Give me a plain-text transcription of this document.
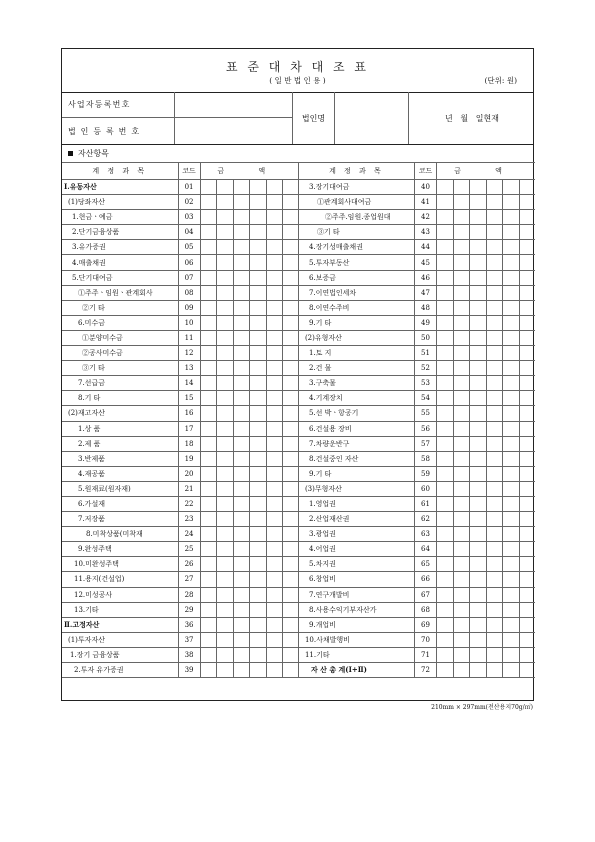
표 준 대 차 대 조 표
( 일 반 법 인 용 )	(단위: 원)
사업자등록번호
법 인 등 록 번 호
법인명	년   월   일현재
자산항목
계 정 과 목	코드	금 액						계 정 과 목	코드	금 액					
Ⅰ.유동자산	01							3.장기대여금	40						
(1)당좌자산	02							①관계회사대여금	41						
1.현금ㆍ예금	03							②주주.임원.종업원대	42						
2.단기금융상품	04							③기 타	43						
3.유가증권	05							4.장기성매출채권	44						
4.매출채권	06							5.투자부동산	45						
5.단기대여금	07							6.보증금	46						
①주주ㆍ임원ㆍ관계회사	08							7.이연법인세차	47						
②기 타	09							8.이연수주비	48						
6.미수금	10							9.기 타	49						
①분양미수금	11							(2)유형자산	50						
②공사미수금	12							1.토 지	51						
③기 타	13							2.건 물	52						
7.선급금	14							3.구축물	53						
8.기 타	15							4.기계장치	54						
(2)재고자산	16							5.선 박ㆍ항공기	55						
1.상 품	17							6.건설용 장비	56						
2.제 품	18							7.차량운반구	57						
3.반제품	19							8.건설중인 자산	58						
4.재공품	20							9.기 타	59						
5.원재료(원자재)	21							(3)무형자산	60						
6.가설재	22							1.영업권	61						
7.저장품	23							2.산업재산권	62						
8.미착상품(미착재	24							3.광업권	63						
9.완성주택	25							4.어업권	64						
10.미완성주택	26							5.차지권	65						
11.용지(건설업)	27							6.창업비	66						
12.미성공사	28							7.연구개발비	67						
13.기타	29							8.사용수익기부자산가	68						
Ⅱ.고정자산	36							9.개업비	69						
(1)투자자산	37							10.사채발행비	70						
1.장기 금융상품	38							11.기타	71						
2.투자 유가증권	39							자 산 총 계(Ⅰ+Ⅱ)	72						
210mm × 297mm(전산용지70g/㎡)
